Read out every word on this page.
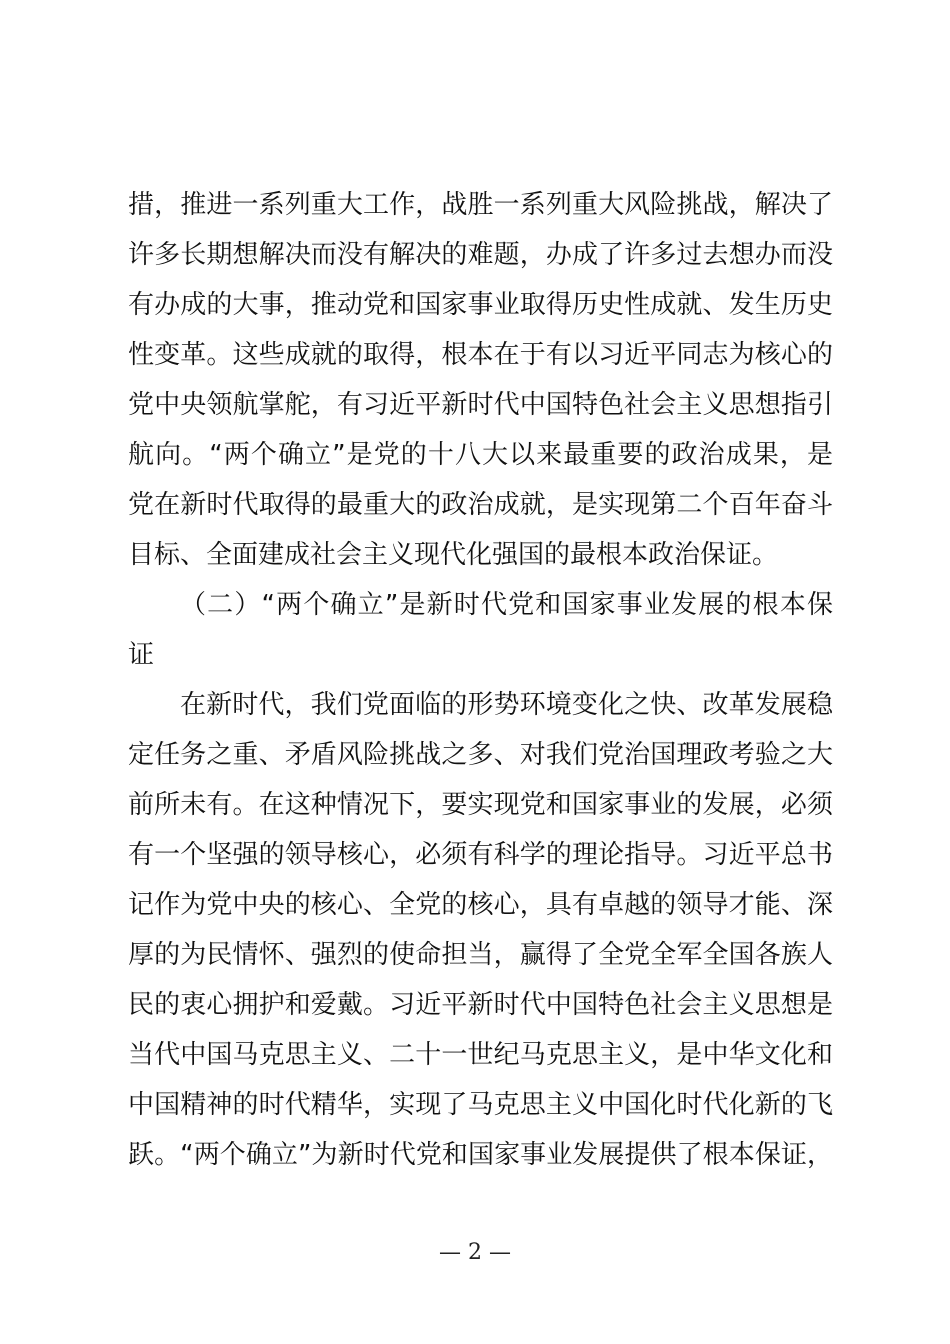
措，推进一系列重大工作，战胜一系列重大风险挑战，解决了
许多长期想解决而没有解决的难题，办成了许多过去想办而没
有办成的大事，推动党和国家事业取得历史性成就、发生历史
性变革。这些成就的取得，根本在于有以习近平同志为核心的
党中央领航掌舵，有习近平新时代中国特色社会主义思想指引
航向。“两个确立”是党的十八大以来最重要的政治成果，是
党在新时代取得的最重大的政治成就，是实现第二个百年奋斗
目标、全面建成社会主义现代化强国的最根本政治保证。
（二）“两个确立”是新时代党和国家事业发展的根本保
证
在新时代，我们党面临的形势环境变化之快、改革发展稳
定任务之重、矛盾风险挑战之多、对我们党治国理政考验之大
前所未有。在这种情况下，要实现党和国家事业的发展，必须
有一个坚强的领导核心，必须有科学的理论指导。习近平总书
记作为党中央的核心、全党的核心，具有卓越的领导才能、深
厚的为民情怀、强烈的使命担当，赢得了全党全军全国各族人
民的衷心拥护和爱戴。习近平新时代中国特色社会主义思想是
当代中国马克思主义、二十一世纪马克思主义，是中华文化和
中国精神的时代精华，实现了马克思主义中国化时代化新的飞
跃。“两个确立”为新时代党和国家事业发展提供了根本保证，
— 2 —
